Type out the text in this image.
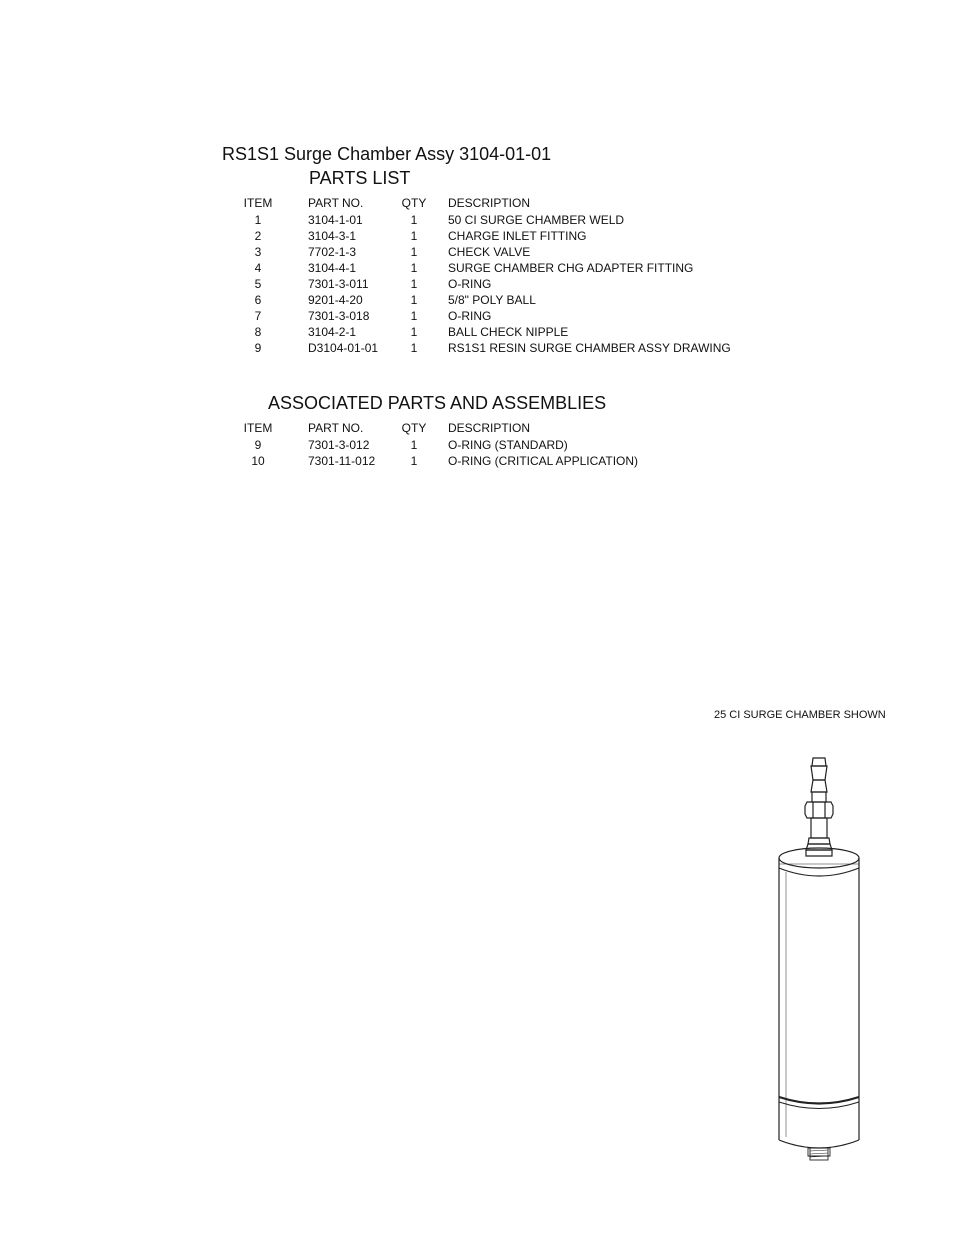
RS1S1 Surge Chamber Assy 3104-01-01
PARTS LIST
ITEM	PART NO.	QTY	DESCRIPTION
1	3104-1-01	1	50 CI SURGE CHAMBER WELD
2	3104-3-1	1	CHARGE INLET FITTING
3	7702-1-3	1	CHECK VALVE
4	3104-4-1	1	SURGE CHAMBER CHG ADAPTER FITTING
5	7301-3-011	1	O-RING
6	9201-4-20	1	5/8" POLY BALL
7	7301-3-018	1	O-RING
8	3104-2-1	1	BALL CHECK NIPPLE
9	D3104-01-01	1	RS1S1 RESIN SURGE CHAMBER ASSY DRAWING
ASSOCIATED PARTS AND ASSEMBLIES
ITEM	PART NO.	QTY	DESCRIPTION
9	7301-3-012	1	O-RING (STANDARD)
10	7301-11-012	1	O-RING (CRITICAL APPLICATION)
25 CI SURGE CHAMBER SHOWN
